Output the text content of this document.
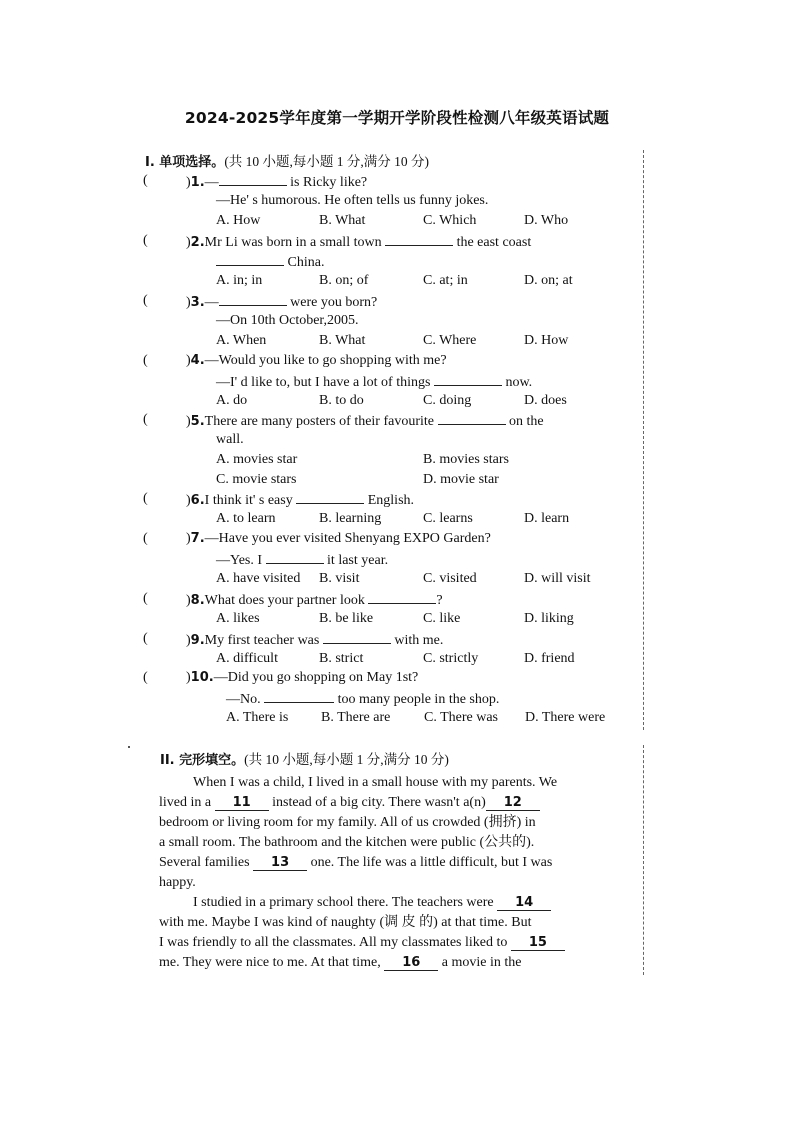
2024-2025学年度第一学期开学阶段性检测八年级英语试题
I. 单项选择。(共 10 小题,每小题 1 分,满分 10 分)
(	)1.—	is Ricky like?
—He' s humorous. He often tells us funny jokes.
A. How	B. What	C. Which	D. Who
(	)2.Mr Li was born in a small town	the east coast
China.
A. in; in	B. on; of	C. at; in	D. on; at
(	)3.—	were you born?
—On 10th October,2005.
A. When	B. What	C. Where	D. How
(	)4.—Would you like to go shopping with me?
—I' d like to, but I have a lot of things	now.
A. do	B. to do	C. doing	D. does
(	)5.There are many posters of their favourite	on the
wall.
A. movies star	B. movies stars
C. movie stars	D. movie star
(	)6.I think it' s easy	English.
A. to learn	B. learning	C. learns	D. learn
(	)7.—Have you ever visited Shenyang EXPO Garden?
—Yes. I	it last year.
A. have visited B. visit	C. visited	D. will visit
(	)8.What does your partner look	?
A. likes	B. be like	C. like	D. liking
(	)9.My first teacher was	with me.
A. difficult	B. strict	C. strictly	D. friend
(	)10.—Did you go shopping on May 1st?
—No.	too many people in the shop.
A. There is B. There are C. There was D. There were
II. 完形填空。(共 10 小题,每小题 1 分,满分 10 分)
When I was a child, I lived in a small house with my parents. We
lived in a 11 instead of a big city. There wasn't a(n) 12
bedroom or living room for my family. All of us crowded (拥挤) in
a small room. The bathroom and the kitchen were public (公共的).
Several families 13 one. The life was a little difficult, but I was
happy.
I studied in a primary school there. The teachers were 14
with me. Maybe I was kind of naughty (调 皮 的) at that time. But
I was friendly to all the classmates. All my classmates liked to 15
me. They were nice to me. At that time, 16 a movie in the
